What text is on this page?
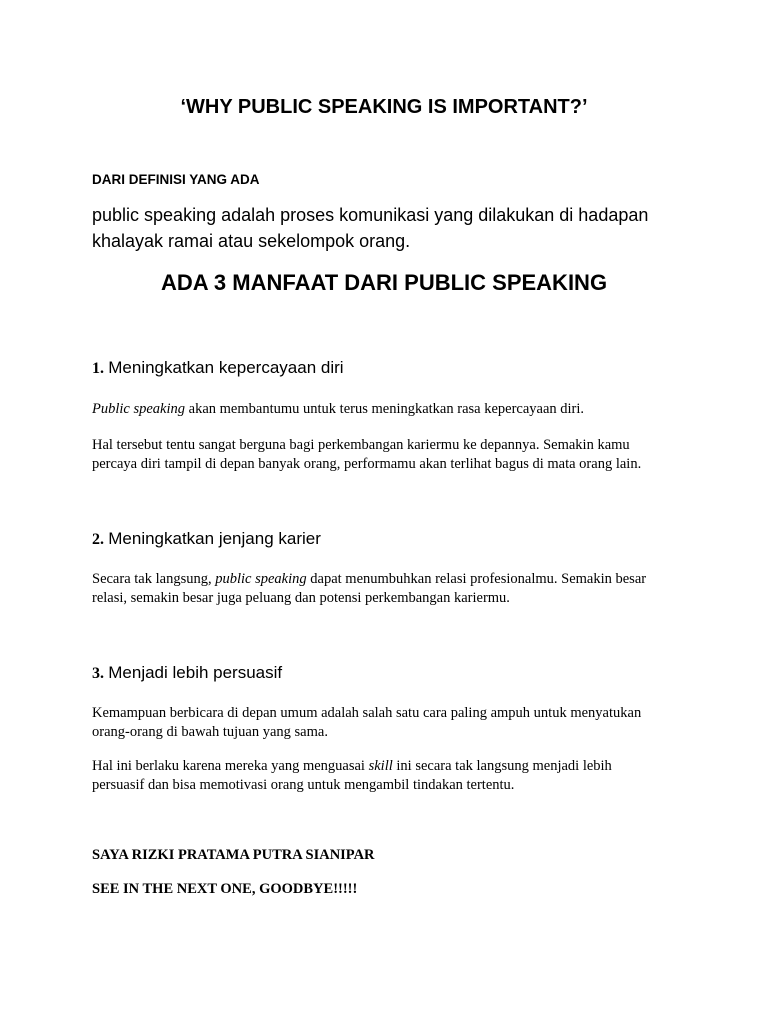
‘WHY PUBLIC SPEAKING IS IMPORTANT?’
DARI DEFINISI YANG ADA
public speaking adalah proses komunikasi yang dilakukan di hadapan
khalayak ramai atau sekelompok orang.
ADA 3 MANFAAT DARI PUBLIC SPEAKING
1. Meningkatkan kepercayaan diri
Public speaking akan membantumu untuk terus meningkatkan rasa kepercayaan diri.
Hal tersebut tentu sangat berguna bagi perkembangan kariermu ke depannya. Semakin kamu
percaya diri tampil di depan banyak orang, performamu akan terlihat bagus di mata orang lain.
2. Meningkatkan jenjang karier
Secara tak langsung, public speaking dapat menumbuhkan relasi profesionalmu. Semakin besar
relasi, semakin besar juga peluang dan potensi perkembangan kariermu.
3. Menjadi lebih persuasif
Kemampuan berbicara di depan umum adalah salah satu cara paling ampuh untuk menyatukan
orang-orang di bawah tujuan yang sama.
Hal ini berlaku karena mereka yang menguasai skill ini secara tak langsung menjadi lebih
persuasif dan bisa memotivasi orang untuk mengambil tindakan tertentu.
SAYA RIZKI PRATAMA PUTRA SIANIPAR
SEE IN THE NEXT ONE, GOODBYE!!!!!
